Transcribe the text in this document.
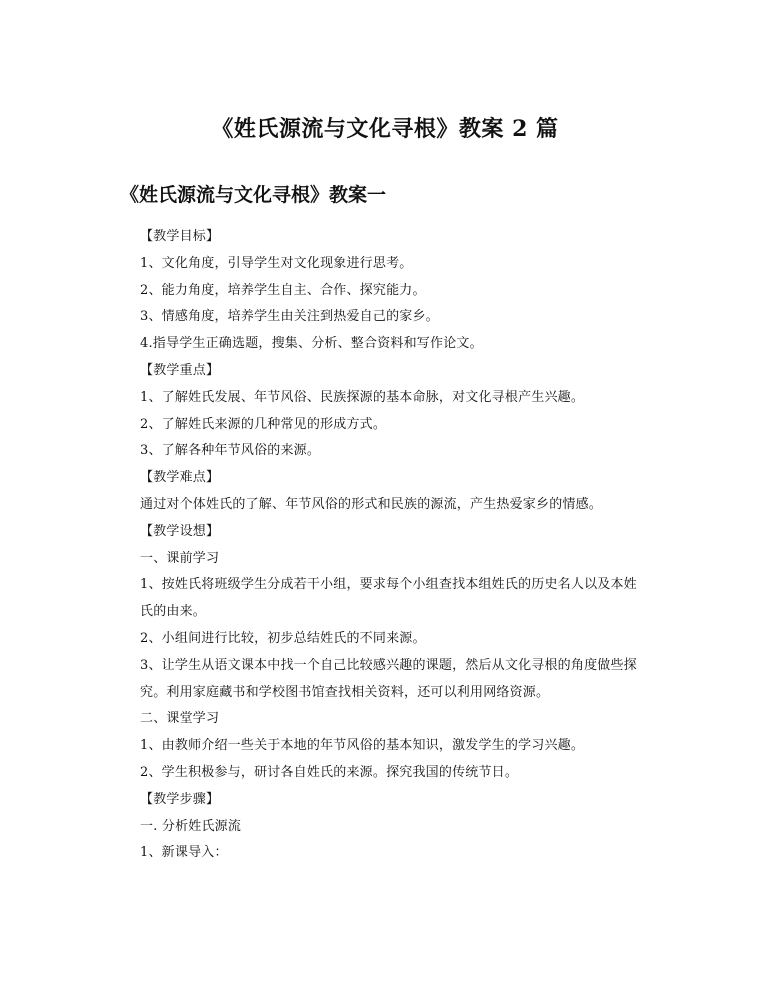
《姓氏源流与文化寻根》教案 2 篇
《姓氏源流与文化寻根》教案一
【教学目标】
1、文化角度，引导学生对文化现象进行思考。
2、能力角度，培养学生自主、合作、探究能力。
3、情感角度，培养学生由关注到热爱自己的家乡。
4.指导学生正确选题，搜集、分析、整合资料和写作论文。
【教学重点】
1、了解姓氏发展、年节风俗、民族探源的基本命脉，对文化寻根产生兴趣。
2、了解姓氏来源的几种常见的形成方式。
3、了解各种年节风俗的来源。
【教学难点】
通过对个体姓氏的了解、年节风俗的形式和民族的源流，产生热爱家乡的情感。
【教学设想】
一、课前学习
1、按姓氏将班级学生分成若干小组，要求每个小组查找本组姓氏的历史名人以及本姓
氏的由来。
2、小组间进行比较，初步总结姓氏的不同来源。
3、让学生从语文课本中找一个自己比较感兴趣的课题，然后从文化寻根的角度做些探
究。利用家庭藏书和学校图书馆查找相关资料，还可以利用网络资源。
二、课堂学习
1、由教师介绍一些关于本地的年节风俗的基本知识，激发学生的学习兴趣。
2、学生积极参与，研讨各自姓氏的来源。探究我国的传统节日。
【教学步骤】
一. 分析姓氏源流
1、新课导入：
